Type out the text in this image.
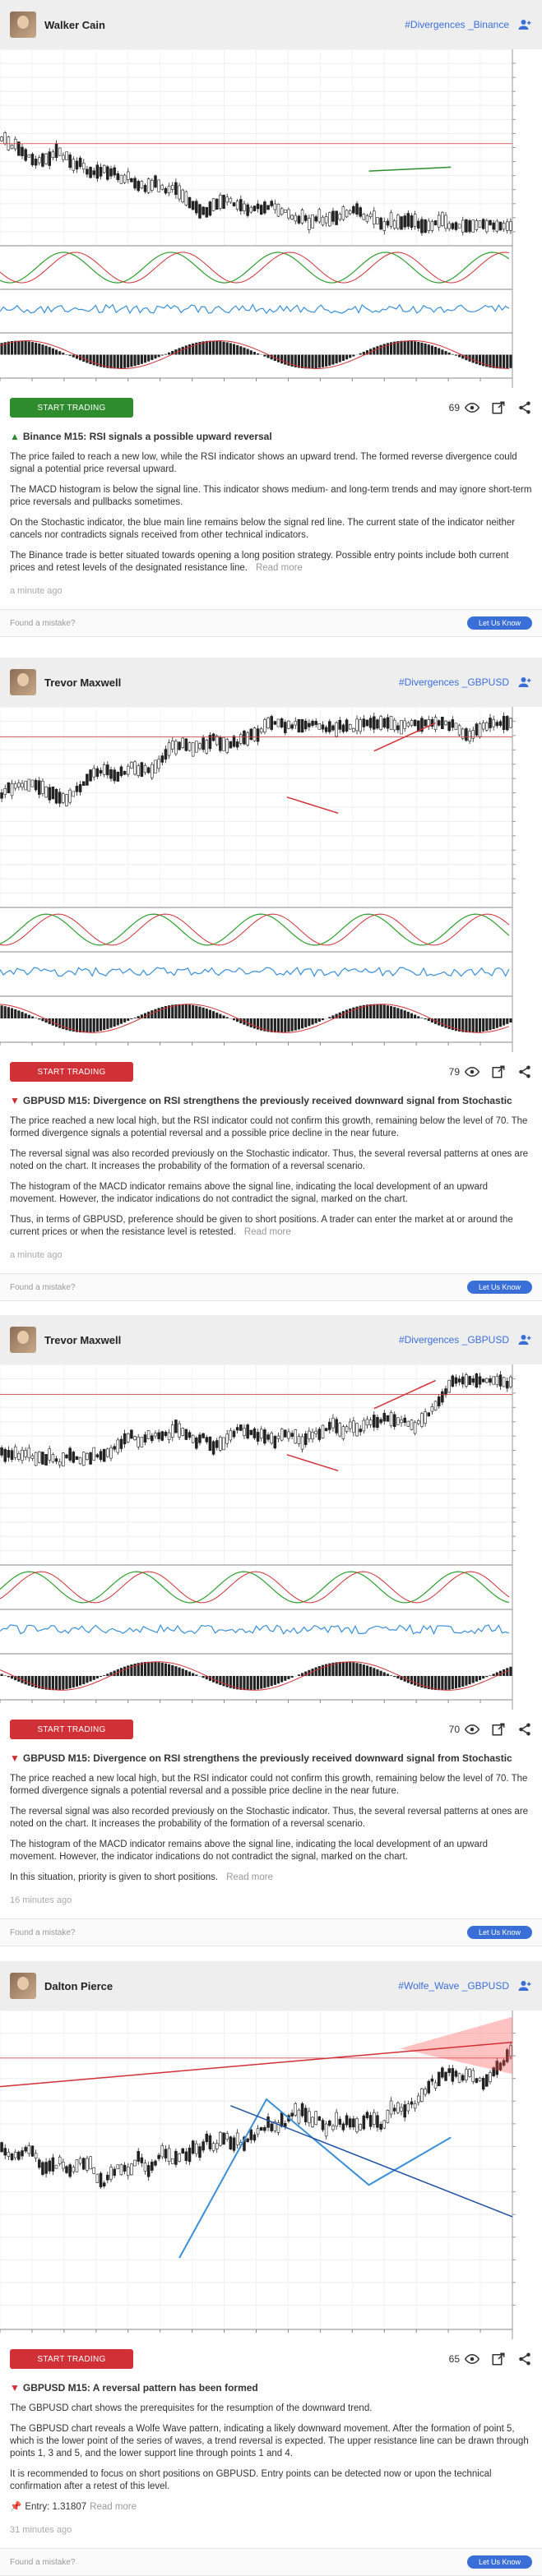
Walker Cain	#Divergences _Binance
START TRADING	69
▲ Binance M15: RSI signals a possible upward reversal

The price failed to reach a new low, while the RSI indicator shows an upward trend. The formed reverse divergence could signal a potential price reversal upward.

The MACD histogram is below the signal line. This indicator shows medium- and long-term trends and may ignore short-term price reversals and pullbacks sometimes.

On the Stochastic indicator, the blue main line remains below the signal red line. The current state of the indicator neither cancels nor contradicts signals received from other technical indicators.

The Binance trade is better situated towards opening a long position strategy. Possible entry points include both current prices and retest levels of the designated resistance line. Read more

a minute ago
Found a mistake?	Let Us Know
Trevor Maxwell	#Divergences _GBPUSD
START TRADING	79
▼ GBPUSD M15: Divergence on RSI strengthens the previously received downward signal from Stochastic

The price reached a new local high, but the RSI indicator could not confirm this growth, remaining below the level of 70. The formed divergence signals a potential reversal and a possible price decline in the near future.

The reversal signal was also recorded previously on the Stochastic indicator. Thus, the several reversal patterns at ones are noted on the chart. It increases the probability of the formation of a reversal scenario.

The histogram of the MACD indicator remains above the signal line, indicating the local development of an upward movement. However, the indicator indications do not contradict the signal, marked on the chart.

Thus, in terms of GBPUSD, preference should be given to short positions. A trader can enter the market at or around the current prices or when the resistance level is retested. Read more

a minute ago
Found a mistake?	Let Us Know
Trevor Maxwell	#Divergences _GBPUSD
START TRADING	70
▼ GBPUSD M15: Divergence on RSI strengthens the previously received downward signal from Stochastic

The price reached a new local high, but the RSI indicator could not confirm this growth, remaining below the level of 70. The formed divergence signals a potential reversal and a possible price decline in the near future.

The reversal signal was also recorded previously on the Stochastic indicator. Thus, the several reversal patterns at ones are noted on the chart. It increases the probability of the formation of a reversal scenario.

The histogram of the MACD indicator remains above the signal line, indicating the local development of an upward movement. However, the indicator indications do not contradict the signal, marked on the chart.

In this situation, priority is given to short positions. Read more

16 minutes ago
Found a mistake?	Let Us Know
Dalton Pierce	#Wolfe_Wave _GBPUSD
START TRADING	65
▼ GBPUSD M15: A reversal pattern has been formed

The GBPUSD chart shows the prerequisites for the resumption of the downward trend.

The GBPUSD chart reveals a Wolfe Wave pattern, indicating a likely downward movement. After the formation of point 5, which is the lower point of the series of waves, a trend reversal is expected. The upper resistance line can be drawn through points 1, 3 and 5, and the lower support line through points 1 and 4.

It is recommended to focus on short positions on GBPUSD. Entry points can be detected now or upon the technical confirmation after a retest of this level.

📌 Entry: 1.31807 Read more

31 minutes ago
Found a mistake?	Let Us Know
